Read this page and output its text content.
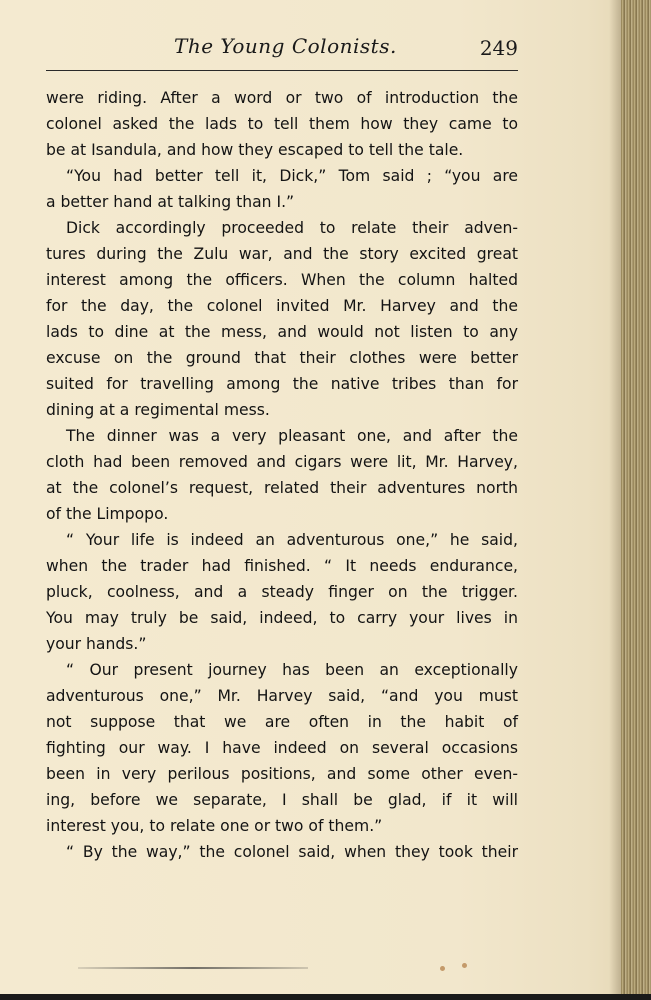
The Young Colonists.	249
were riding. After a word or two of introduction the
colonel asked the lads to tell them how they came to
be at Isandula, and how they escaped to tell the tale.
“You had better tell it, Dick,” Tom said ; “you are
a better hand at talking than I.”
Dick accordingly proceeded to relate their adven-
tures during the Zulu war, and the story excited great
interest among the officers. When the column halted
for the day, the colonel invited Mr. Harvey and the
lads to dine at the mess, and would not listen to any
excuse on the ground that their clothes were better
suited for travelling among the native tribes than for
dining at a regimental mess.
The dinner was a very pleasant one, and after the
cloth had been removed and cigars were lit, Mr. Harvey,
at the colonel’s request, related their adventures north
of the Limpopo.
“ Your life is indeed an adventurous one,” he said,
when the trader had finished. “ It needs endurance,
pluck, coolness, and a steady finger on the trigger.
You may truly be said, indeed, to carry your lives in
your hands.”
“ Our present journey has been an exceptionally
adventurous one,” Mr. Harvey said, “and you must
not suppose that we are often in the habit of
fighting our way. I have indeed on several occasions
been in very perilous positions, and some other even-
ing, before we separate, I shall be glad, if it will
interest you, to relate one or two of them.”
“ By the way,” the colonel said, when they took their
